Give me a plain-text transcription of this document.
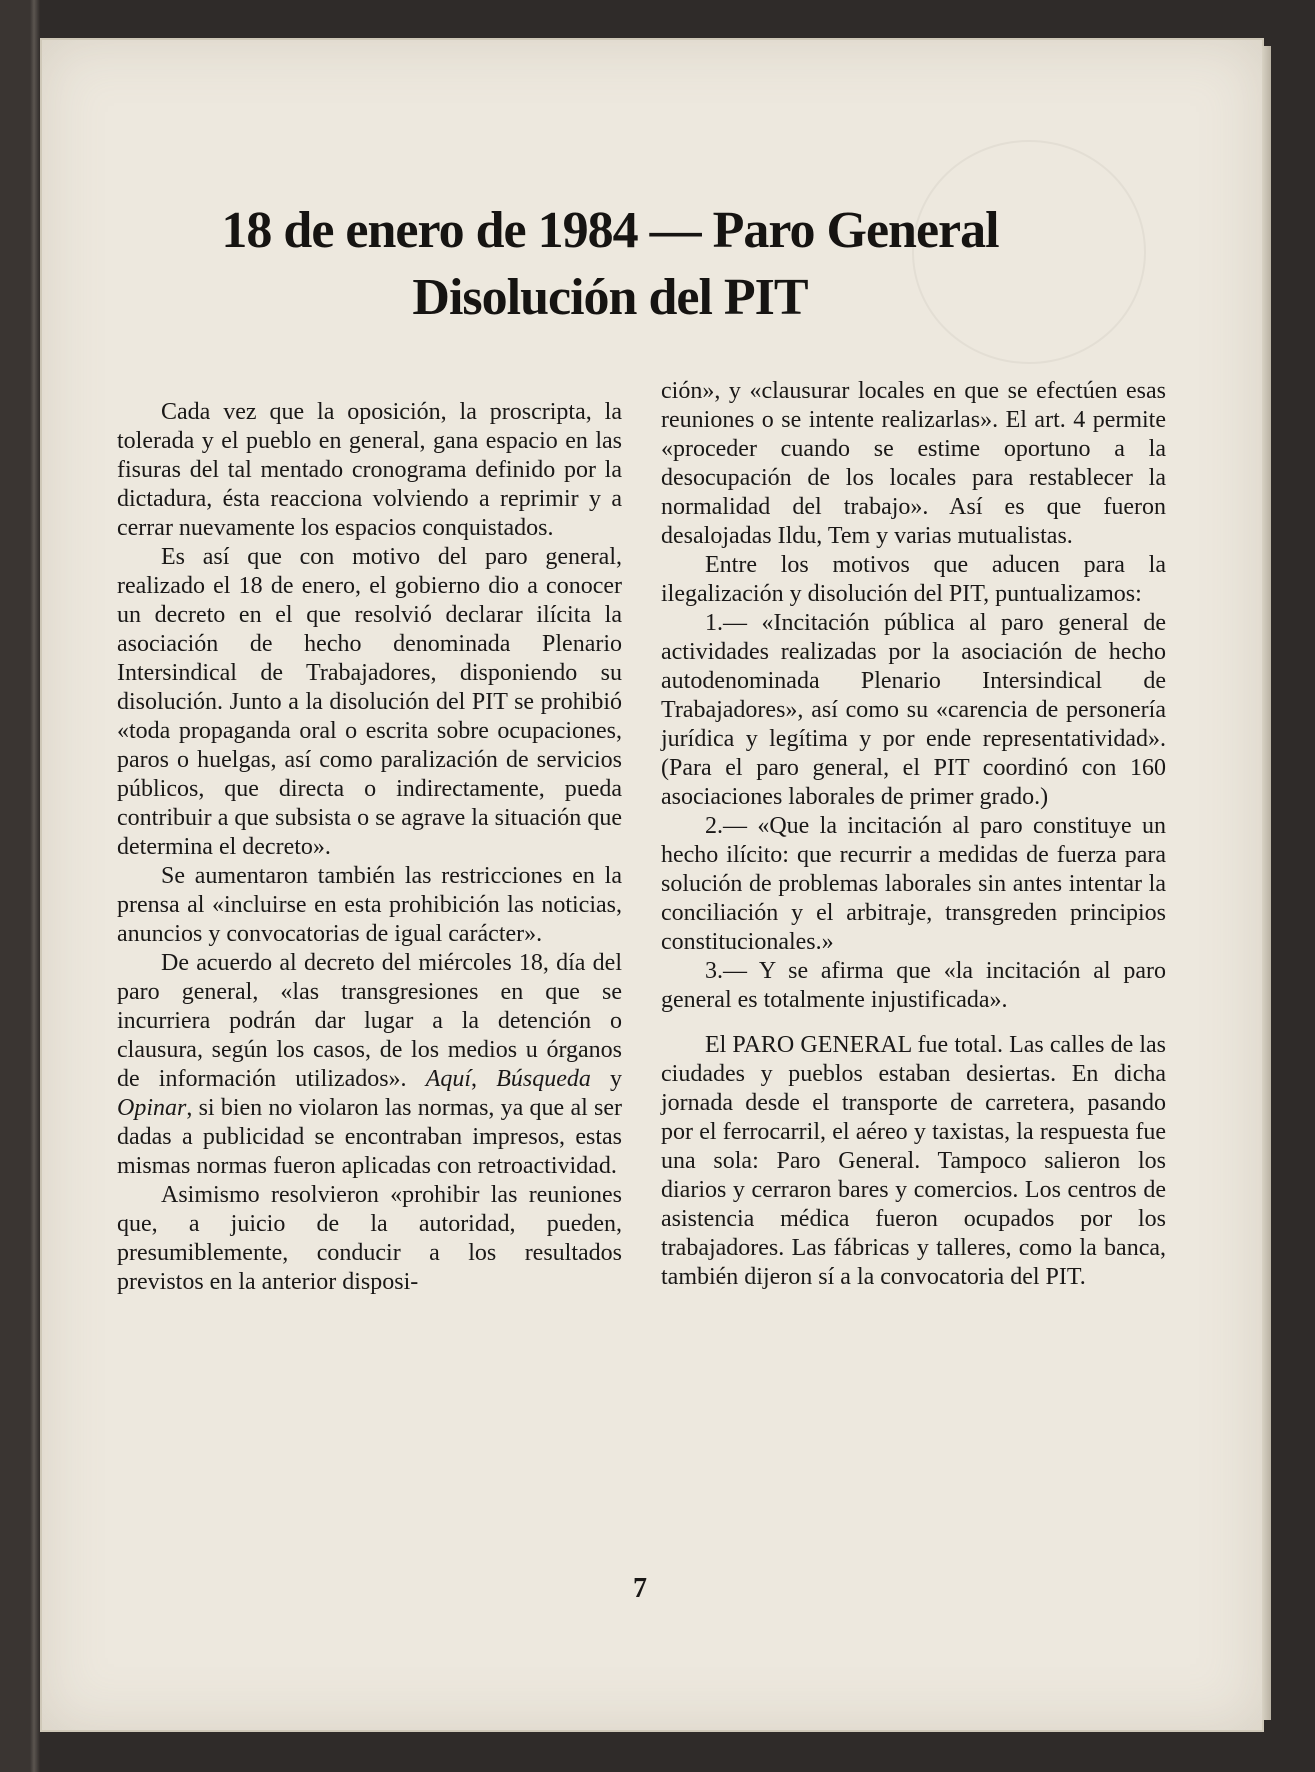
18 de enero de 1984 — Paro General
Disolución del PIT

Cada vez que la oposición, la proscripta, la tolerada y el pueblo en general, gana espacio en las fisuras del tal mentado cronograma definido por la dictadura, ésta reacciona volviendo a reprimir y a cerrar nuevamente los espacios conquistados.

Es así que con motivo del paro general, realizado el 18 de enero, el gobierno dio a conocer un decreto en el que resolvió declarar ilícita la asociación de hecho denominada Plenario Intersindical de Trabajadores, disponiendo su disolución. Junto a la disolución del PIT se prohibió «toda propaganda oral o escrita sobre ocupaciones, paros o huelgas, así como paralización de servicios públicos, que directa o indirectamente, pueda contribuir a que subsista o se agrave la situación que determina el decreto».

Se aumentaron también las restricciones en la prensa al «incluirse en esta prohibición las noticias, anuncios y convocatorias de igual carácter».

De acuerdo al decreto del miércoles 18, día del paro general, «las transgresiones en que se incurriera podrán dar lugar a la detención o clausura, según los casos, de los medios u órganos de información utilizados». Aquí, Búsqueda y Opinar, si bien no violaron las normas, ya que al ser dadas a publicidad se encontraban impresos, estas mismas normas fueron aplicadas con retroactividad.

Asimismo resolvieron «prohibir las reuniones que, a juicio de la autoridad, pueden, presumiblemente, conducir a los resultados previstos en la anterior disposi-

ción», y «clausurar locales en que se efectúen esas reuniones o se intente realizarlas». El art. 4 permite «proceder cuando se estime oportuno a la desocupación de los locales para restablecer la normalidad del trabajo». Así es que fueron desalojadas Ildu, Tem y varias mutualistas.

Entre los motivos que aducen para la ilegalización y disolución del PIT, puntualizamos:

1.— «Incitación pública al paro general de actividades realizadas por la asociación de hecho autodenominada Plenario Intersindical de Trabajadores», así como su «carencia de personería jurídica y legítima y por ende representatividad». (Para el paro general, el PIT coordinó con 160 asociaciones laborales de primer grado.)

2.— «Que la incitación al paro constituye un hecho ilícito: que recurrir a medidas de fuerza para solución de problemas laborales sin antes intentar la conciliación y el arbitraje, transgreden principios constitucionales.»

3.— Y se afirma que «la incitación al paro general es totalmente injustificada».

El PARO GENERAL fue total. Las calles de las ciudades y pueblos estaban desiertas. En dicha jornada desde el transporte de carretera, pasando por el ferrocarril, el aéreo y taxistas, la respuesta fue una sola: Paro General. Tampoco salieron los diarios y cerraron bares y comercios. Los centros de asistencia médica fueron ocupados por los trabajadores. Las fábricas y talleres, como la banca, también dijeron sí a la convocatoria del PIT.

7
